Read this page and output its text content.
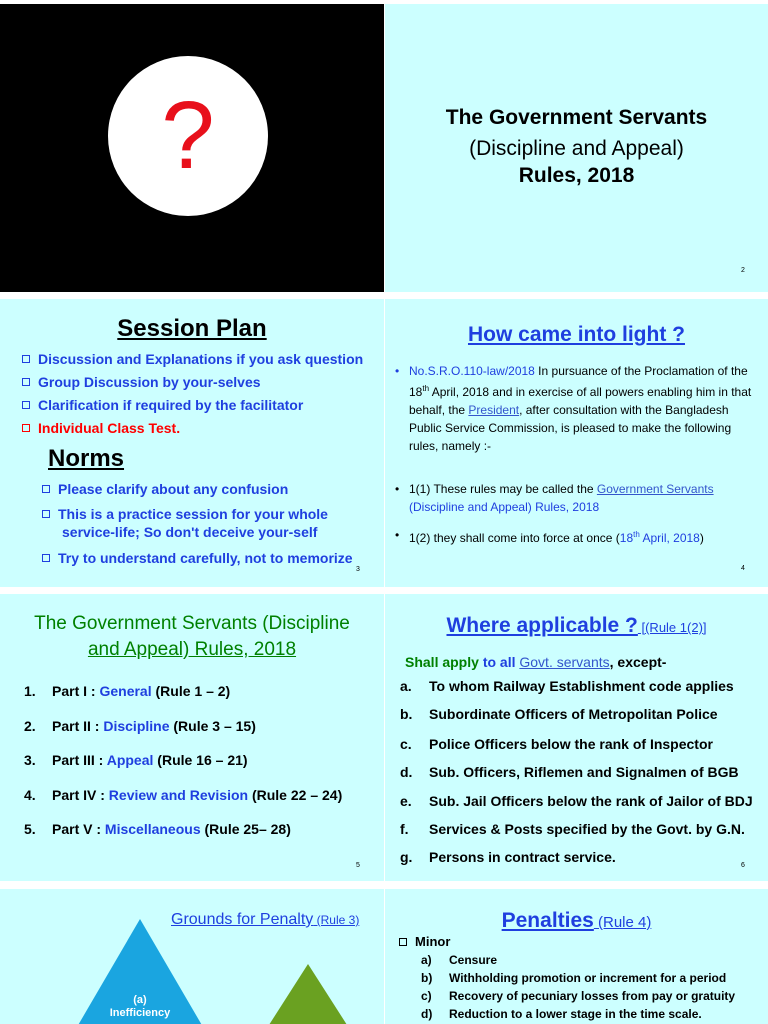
?	The Government Servants
(Discipline and Appeal)
Rules, 2018
2
Session Plan
Discussion and Explanations if you ask question
Group Discussion by your-selves
Clarification if required by the facilitator
Individual Class Test.
Norms
Please clarify about any confusion
This is a practice session for your whole service-life; So don't deceive your-self
Try to understand carefully, not to memorize
3
How came into light ?
• No.S.R.O.110-law/2018 In pursuance of the Proclamation of the 18th April, 2018 and in exercise of all powers enabling him in that behalf, the President, after consultation with the Bangladesh Public Service Commission, is pleased to make the following rules, namely :-
• 1(1) These rules may be called the Government Servants (Discipline and Appeal) Rules, 2018
• 1(2) they shall come into force at once (18th April, 2018)
4
The Government Servants (Discipline
and Appeal) Rules, 2018
1. Part I : General (Rule 1 – 2)
2. Part II : Discipline (Rule 3 – 15)
3. Part III : Appeal (Rule 16 – 21)
4. Part IV : Review and Revision (Rule 22 – 24)
5. Part V : Miscellaneous (Rule 25– 28)
5
Where applicable ? [(Rule 1(2)]
Shall apply to all Govt. servants, except-
a. To whom Railway Establishment code applies
b. Subordinate Officers of Metropolitan Police
c. Police Officers below the rank of Inspector
d. Sub. Officers, Riflemen and Signalmen of BGB
e. Sub. Jail Officers below the rank of Jailor of BDJ
f. Services & Posts specified by the Govt. by G.N.
g. Persons in contract service.
6
Grounds for Penalty (Rule 3)
(a)
Inefficiency
Penalties (Rule 4)
Minor
a) Censure
b) Withholding promotion or increment for a period
c) Recovery of pecuniary losses from pay or gratuity
d) Reduction to a lower stage in the time scale.
